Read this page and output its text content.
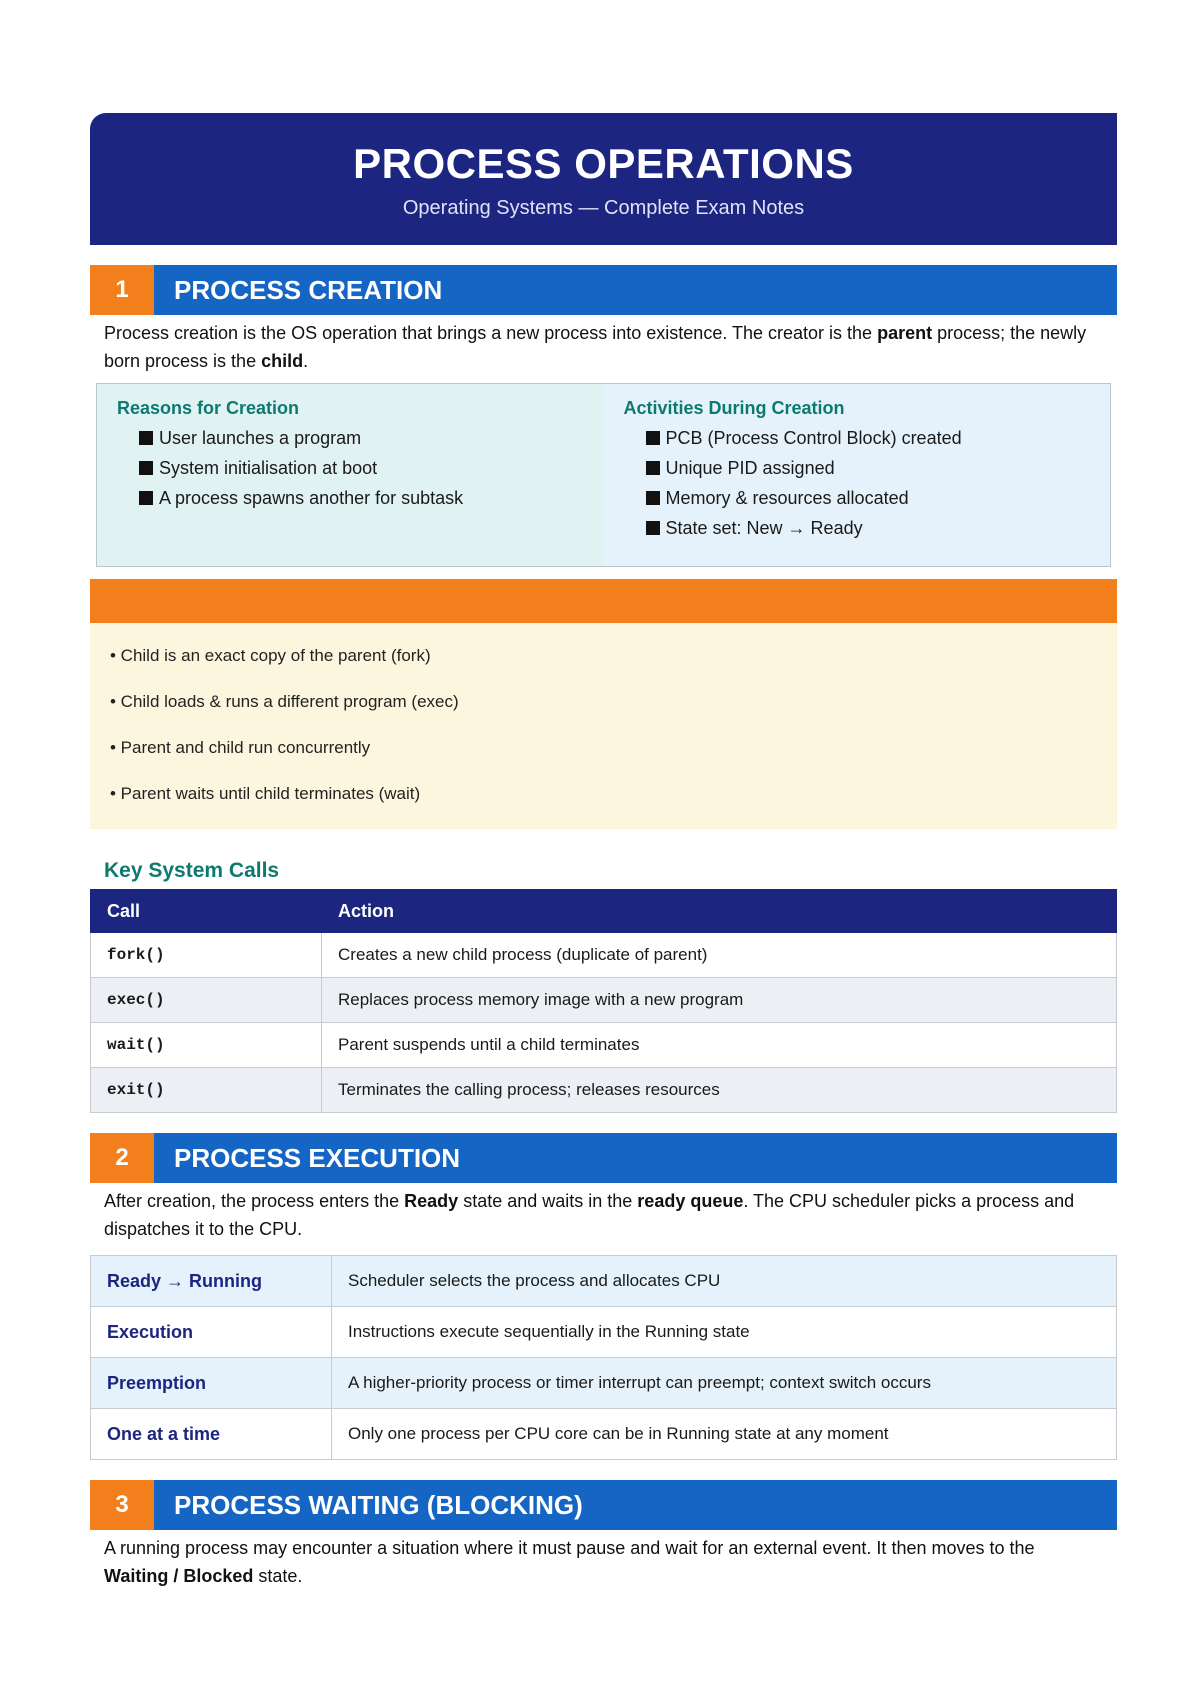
PROCESS OPERATIONS
Operating Systems — Complete Exam Notes
1	PROCESS CREATION

Process creation is the OS operation that brings a new process into existence. The creator is the parent process; the newly born process is the child.

Reasons for Creation
User launches a program
System initialisation at boot
A process spawns another for subtask
Activities During Creation
PCB (Process Control Block) created
Unique PID assigned
Memory & resources allocated
State set: New → Ready
• Child is an exact copy of the parent (fork)
• Child loads & runs a different program (exec)
• Parent and child run concurrently
• Parent waits until child terminates (wait)
Key System Calls
Call	Action
fork()	Creates a new child process (duplicate of parent)
exec()	Replaces process memory image with a new program
wait()	Parent suspends until a child terminates
exit()	Terminates the calling process; releases resources
2	PROCESS EXECUTION

After creation, the process enters the Ready state and waits in the ready queue. The CPU scheduler picks a process and dispatches it to the CPU.

Ready → Running	Scheduler selects the process and allocates CPU
Execution	Instructions execute sequentially in the Running state
Preemption	A higher-priority process or timer interrupt can preempt; context switch occurs
One at a time	Only one process per CPU core can be in Running state at any moment
3	PROCESS WAITING (BLOCKING)

A running process may encounter a situation where it must pause and wait for an external event. It then moves to the Waiting / Blocked state.
